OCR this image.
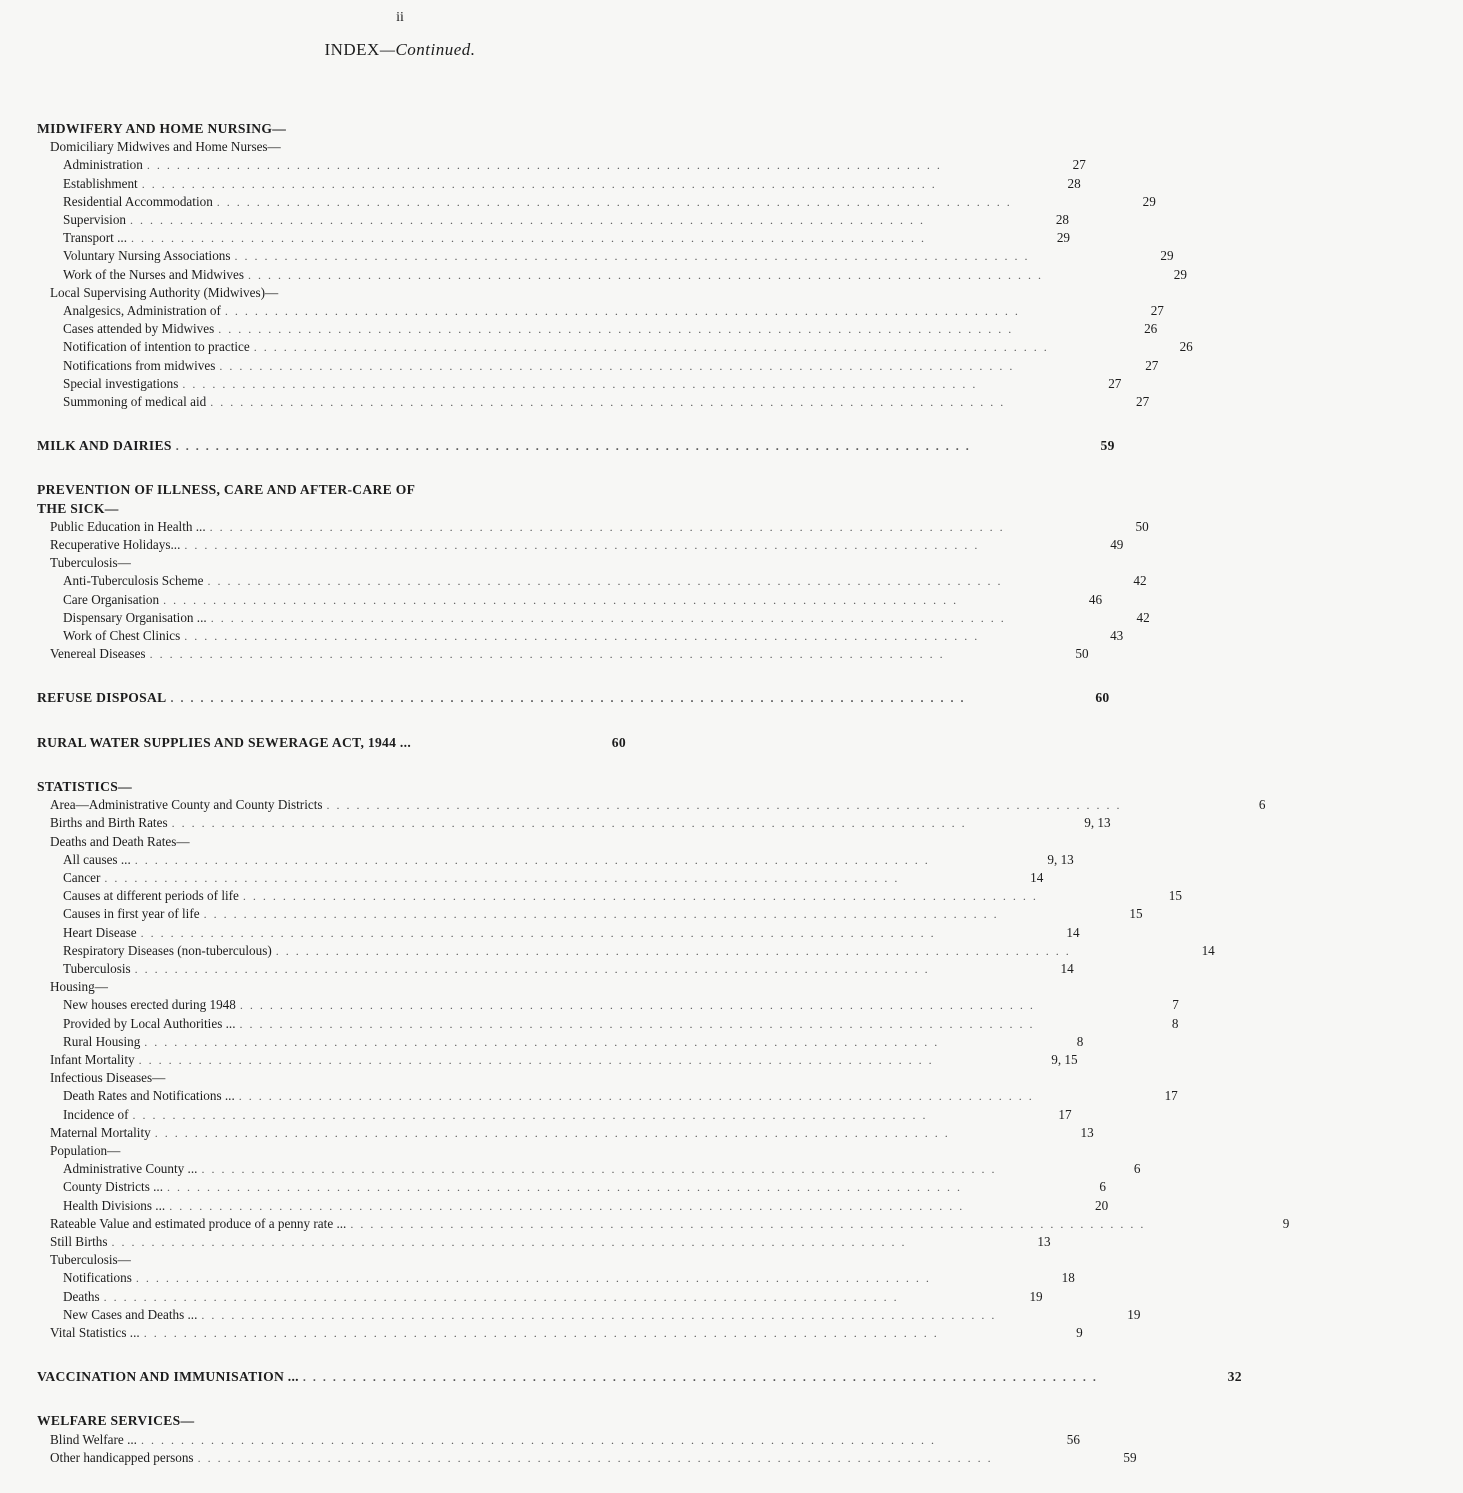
ii
INDEX—Continued.
MIDWIFERY AND HOME NURSING—
Domiciliary Midwives and Home Nurses—
Administration . . . . . . . . . . . . . . . . . . . . . . . . . . . . . . . . . . . . . . . . . . . . . . . . . . . . . . . . . . . . . . . . . . . . . . . . . . . . . . . .	27
Establishment . . . . . . . . . . . . . . . . . . . . . . . . . . . . . . . . . . . . . . . . . . . . . . . . . . . . . . . . . . . . . . . . . . . . . . . . . . . . . . . .	28
Residential Accommodation . . . . . . . . . . . . . . . . . . . . . . . . . . . . . . . . . . . . . . . . . . . . . . . . . . . . . . . . . . . . . . . . . . . . . . . . . . . . . . . .	29
Supervision . . . . . . . . . . . . . . . . . . . . . . . . . . . . . . . . . . . . . . . . . . . . . . . . . . . . . . . . . . . . . . . . . . . . . . . . . . . . . . . .	28
Transport ... . . . . . . . . . . . . . . . . . . . . . . . . . . . . . . . . . . . . . . . . . . . . . . . . . . . . . . . . . . . . . . . . . . . . . . . . . . . . . . . .	29
Voluntary Nursing Associations . . . . . . . . . . . . . . . . . . . . . . . . . . . . . . . . . . . . . . . . . . . . . . . . . . . . . . . . . . . . . . . . . . . . . . . . . . . . . . . .	29
Work of the Nurses and Midwives . . . . . . . . . . . . . . . . . . . . . . . . . . . . . . . . . . . . . . . . . . . . . . . . . . . . . . . . . . . . . . . . . . . . . . . . . . . . . . . .	29
Local Supervising Authority (Midwives)—
Analgesics, Administration of . . . . . . . . . . . . . . . . . . . . . . . . . . . . . . . . . . . . . . . . . . . . . . . . . . . . . . . . . . . . . . . . . . . . . . . . . . . . . . . .	27
Cases attended by Midwives . . . . . . . . . . . . . . . . . . . . . . . . . . . . . . . . . . . . . . . . . . . . . . . . . . . . . . . . . . . . . . . . . . . . . . . . . . . . . . . .	26
Notification of intention to practice . . . . . . . . . . . . . . . . . . . . . . . . . . . . . . . . . . . . . . . . . . . . . . . . . . . . . . . . . . . . . . . . . . . . . . . . . . . . . . . .	26
Notifications from midwives . . . . . . . . . . . . . . . . . . . . . . . . . . . . . . . . . . . . . . . . . . . . . . . . . . . . . . . . . . . . . . . . . . . . . . . . . . . . . . . .	27
Special investigations . . . . . . . . . . . . . . . . . . . . . . . . . . . . . . . . . . . . . . . . . . . . . . . . . . . . . . . . . . . . . . . . . . . . . . . . . . . . . . . .	27
Summoning of medical aid . . . . . . . . . . . . . . . . . . . . . . . . . . . . . . . . . . . . . . . . . . . . . . . . . . . . . . . . . . . . . . . . . . . . . . . . . . . . . . . .	27
MILK AND DAIRIES . . . . . . . . . . . . . . . . . . . . . . . . . . . . . . . . . . . . . . . . . . . . . . . . . . . . . . . . . . . . . . . . . . . . . . . . . . . . . . . .	59
PREVENTION OF ILLNESS, CARE AND AFTER-CARE OF
THE SICK—
Public Education in Health ... . . . . . . . . . . . . . . . . . . . . . . . . . . . . . . . . . . . . . . . . . . . . . . . . . . . . . . . . . . . . . . . . . . . . . . . . . . . . . . . .	50
Recuperative Holidays... . . . . . . . . . . . . . . . . . . . . . . . . . . . . . . . . . . . . . . . . . . . . . . . . . . . . . . . . . . . . . . . . . . . . . . . . . . . . . . . .	49
Tuberculosis—
Anti-Tuberculosis Scheme . . . . . . . . . . . . . . . . . . . . . . . . . . . . . . . . . . . . . . . . . . . . . . . . . . . . . . . . . . . . . . . . . . . . . . . . . . . . . . . .	42
Care Organisation . . . . . . . . . . . . . . . . . . . . . . . . . . . . . . . . . . . . . . . . . . . . . . . . . . . . . . . . . . . . . . . . . . . . . . . . . . . . . . . .	46
Dispensary Organisation ... . . . . . . . . . . . . . . . . . . . . . . . . . . . . . . . . . . . . . . . . . . . . . . . . . . . . . . . . . . . . . . . . . . . . . . . . . . . . . . . .	42
Work of Chest Clinics . . . . . . . . . . . . . . . . . . . . . . . . . . . . . . . . . . . . . . . . . . . . . . . . . . . . . . . . . . . . . . . . . . . . . . . . . . . . . . . .	43
Venereal Diseases . . . . . . . . . . . . . . . . . . . . . . . . . . . . . . . . . . . . . . . . . . . . . . . . . . . . . . . . . . . . . . . . . . . . . . . . . . . . . . . .	50
REFUSE DISPOSAL . . . . . . . . . . . . . . . . . . . . . . . . . . . . . . . . . . . . . . . . . . . . . . . . . . . . . . . . . . . . . . . . . . . . . . . . . . . . . . . .	60
RURAL WATER SUPPLIES AND SEWERAGE ACT, 1944 ...	60
STATISTICS—
Area—Administrative County and County Districts . . . . . . . . . . . . . . . . . . . . . . . . . . . . . . . . . . . . . . . . . . . . . . . . . . . . . . . . . . . . . . . . . . . . . . . . . . . . . . . .	6
Births and Birth Rates . . . . . . . . . . . . . . . . . . . . . . . . . . . . . . . . . . . . . . . . . . . . . . . . . . . . . . . . . . . . . . . . . . . . . . . . . . . . . . . .	9, 13
Deaths and Death Rates—
All causes ... . . . . . . . . . . . . . . . . . . . . . . . . . . . . . . . . . . . . . . . . . . . . . . . . . . . . . . . . . . . . . . . . . . . . . . . . . . . . . . . .	9, 13
Cancer . . . . . . . . . . . . . . . . . . . . . . . . . . . . . . . . . . . . . . . . . . . . . . . . . . . . . . . . . . . . . . . . . . . . . . . . . . . . . . . .	14
Causes at different periods of life . . . . . . . . . . . . . . . . . . . . . . . . . . . . . . . . . . . . . . . . . . . . . . . . . . . . . . . . . . . . . . . . . . . . . . . . . . . . . . . .	15
Causes in first year of life . . . . . . . . . . . . . . . . . . . . . . . . . . . . . . . . . . . . . . . . . . . . . . . . . . . . . . . . . . . . . . . . . . . . . . . . . . . . . . . .	15
Heart Disease . . . . . . . . . . . . . . . . . . . . . . . . . . . . . . . . . . . . . . . . . . . . . . . . . . . . . . . . . . . . . . . . . . . . . . . . . . . . . . . .	14
Respiratory Diseases (non-tuberculous) . . . . . . . . . . . . . . . . . . . . . . . . . . . . . . . . . . . . . . . . . . . . . . . . . . . . . . . . . . . . . . . . . . . . . . . . . . . . . . . .	14
Tuberculosis . . . . . . . . . . . . . . . . . . . . . . . . . . . . . . . . . . . . . . . . . . . . . . . . . . . . . . . . . . . . . . . . . . . . . . . . . . . . . . . .	14
Housing—
New houses erected during 1948 . . . . . . . . . . . . . . . . . . . . . . . . . . . . . . . . . . . . . . . . . . . . . . . . . . . . . . . . . . . . . . . . . . . . . . . . . . . . . . . .	7
Provided by Local Authorities ... . . . . . . . . . . . . . . . . . . . . . . . . . . . . . . . . . . . . . . . . . . . . . . . . . . . . . . . . . . . . . . . . . . . . . . . . . . . . . . . .	8
Rural Housing . . . . . . . . . . . . . . . . . . . . . . . . . . . . . . . . . . . . . . . . . . . . . . . . . . . . . . . . . . . . . . . . . . . . . . . . . . . . . . . .	8
Infant Mortality . . . . . . . . . . . . . . . . . . . . . . . . . . . . . . . . . . . . . . . . . . . . . . . . . . . . . . . . . . . . . . . . . . . . . . . . . . . . . . . .	9, 15
Infectious Diseases—
Death Rates and Notifications ... . . . . . . . . . . . . . . . . . . . . . . . . . . . . . . . . . . . . . . . . . . . . . . . . . . . . . . . . . . . . . . . . . . . . . . . . . . . . . . . .	17
Incidence of . . . . . . . . . . . . . . . . . . . . . . . . . . . . . . . . . . . . . . . . . . . . . . . . . . . . . . . . . . . . . . . . . . . . . . . . . . . . . . . .	17
Maternal Mortality . . . . . . . . . . . . . . . . . . . . . . . . . . . . . . . . . . . . . . . . . . . . . . . . . . . . . . . . . . . . . . . . . . . . . . . . . . . . . . . .	13
Population—
Administrative County ... . . . . . . . . . . . . . . . . . . . . . . . . . . . . . . . . . . . . . . . . . . . . . . . . . . . . . . . . . . . . . . . . . . . . . . . . . . . . . . . .	6
County Districts ... . . . . . . . . . . . . . . . . . . . . . . . . . . . . . . . . . . . . . . . . . . . . . . . . . . . . . . . . . . . . . . . . . . . . . . . . . . . . . . . .	6
Health Divisions ... . . . . . . . . . . . . . . . . . . . . . . . . . . . . . . . . . . . . . . . . . . . . . . . . . . . . . . . . . . . . . . . . . . . . . . . . . . . . . . . .	20
Rateable Value and estimated produce of a penny rate ... . . . . . . . . . . . . . . . . . . . . . . . . . . . . . . . . . . . . . . . . . . . . . . . . . . . . . . . . . . . . . . . . . . . . . . . . . . . . . . . .	9
Still Births . . . . . . . . . . . . . . . . . . . . . . . . . . . . . . . . . . . . . . . . . . . . . . . . . . . . . . . . . . . . . . . . . . . . . . . . . . . . . . . .	13
Tuberculosis—
Notifications . . . . . . . . . . . . . . . . . . . . . . . . . . . . . . . . . . . . . . . . . . . . . . . . . . . . . . . . . . . . . . . . . . . . . . . . . . . . . . . .	18
Deaths . . . . . . . . . . . . . . . . . . . . . . . . . . . . . . . . . . . . . . . . . . . . . . . . . . . . . . . . . . . . . . . . . . . . . . . . . . . . . . . .	19
New Cases and Deaths ... . . . . . . . . . . . . . . . . . . . . . . . . . . . . . . . . . . . . . . . . . . . . . . . . . . . . . . . . . . . . . . . . . . . . . . . . . . . . . . . .	19
Vital Statistics ... . . . . . . . . . . . . . . . . . . . . . . . . . . . . . . . . . . . . . . . . . . . . . . . . . . . . . . . . . . . . . . . . . . . . . . . . . . . . . . . .	9
VACCINATION AND IMMUNISATION ... . . . . . . . . . . . . . . . . . . . . . . . . . . . . . . . . . . . . . . . . . . . . . . . . . . . . . . . . . . . . . . . . . . . . . . . . . . . . . . . .	32
WELFARE SERVICES—
Blind Welfare ... . . . . . . . . . . . . . . . . . . . . . . . . . . . . . . . . . . . . . . . . . . . . . . . . . . . . . . . . . . . . . . . . . . . . . . . . . . . . . . . .	56
Other handicapped persons . . . . . . . . . . . . . . . . . . . . . . . . . . . . . . . . . . . . . . . . . . . . . . . . . . . . . . . . . . . . . . . . . . . . . . . . . . . . . . . .	59
